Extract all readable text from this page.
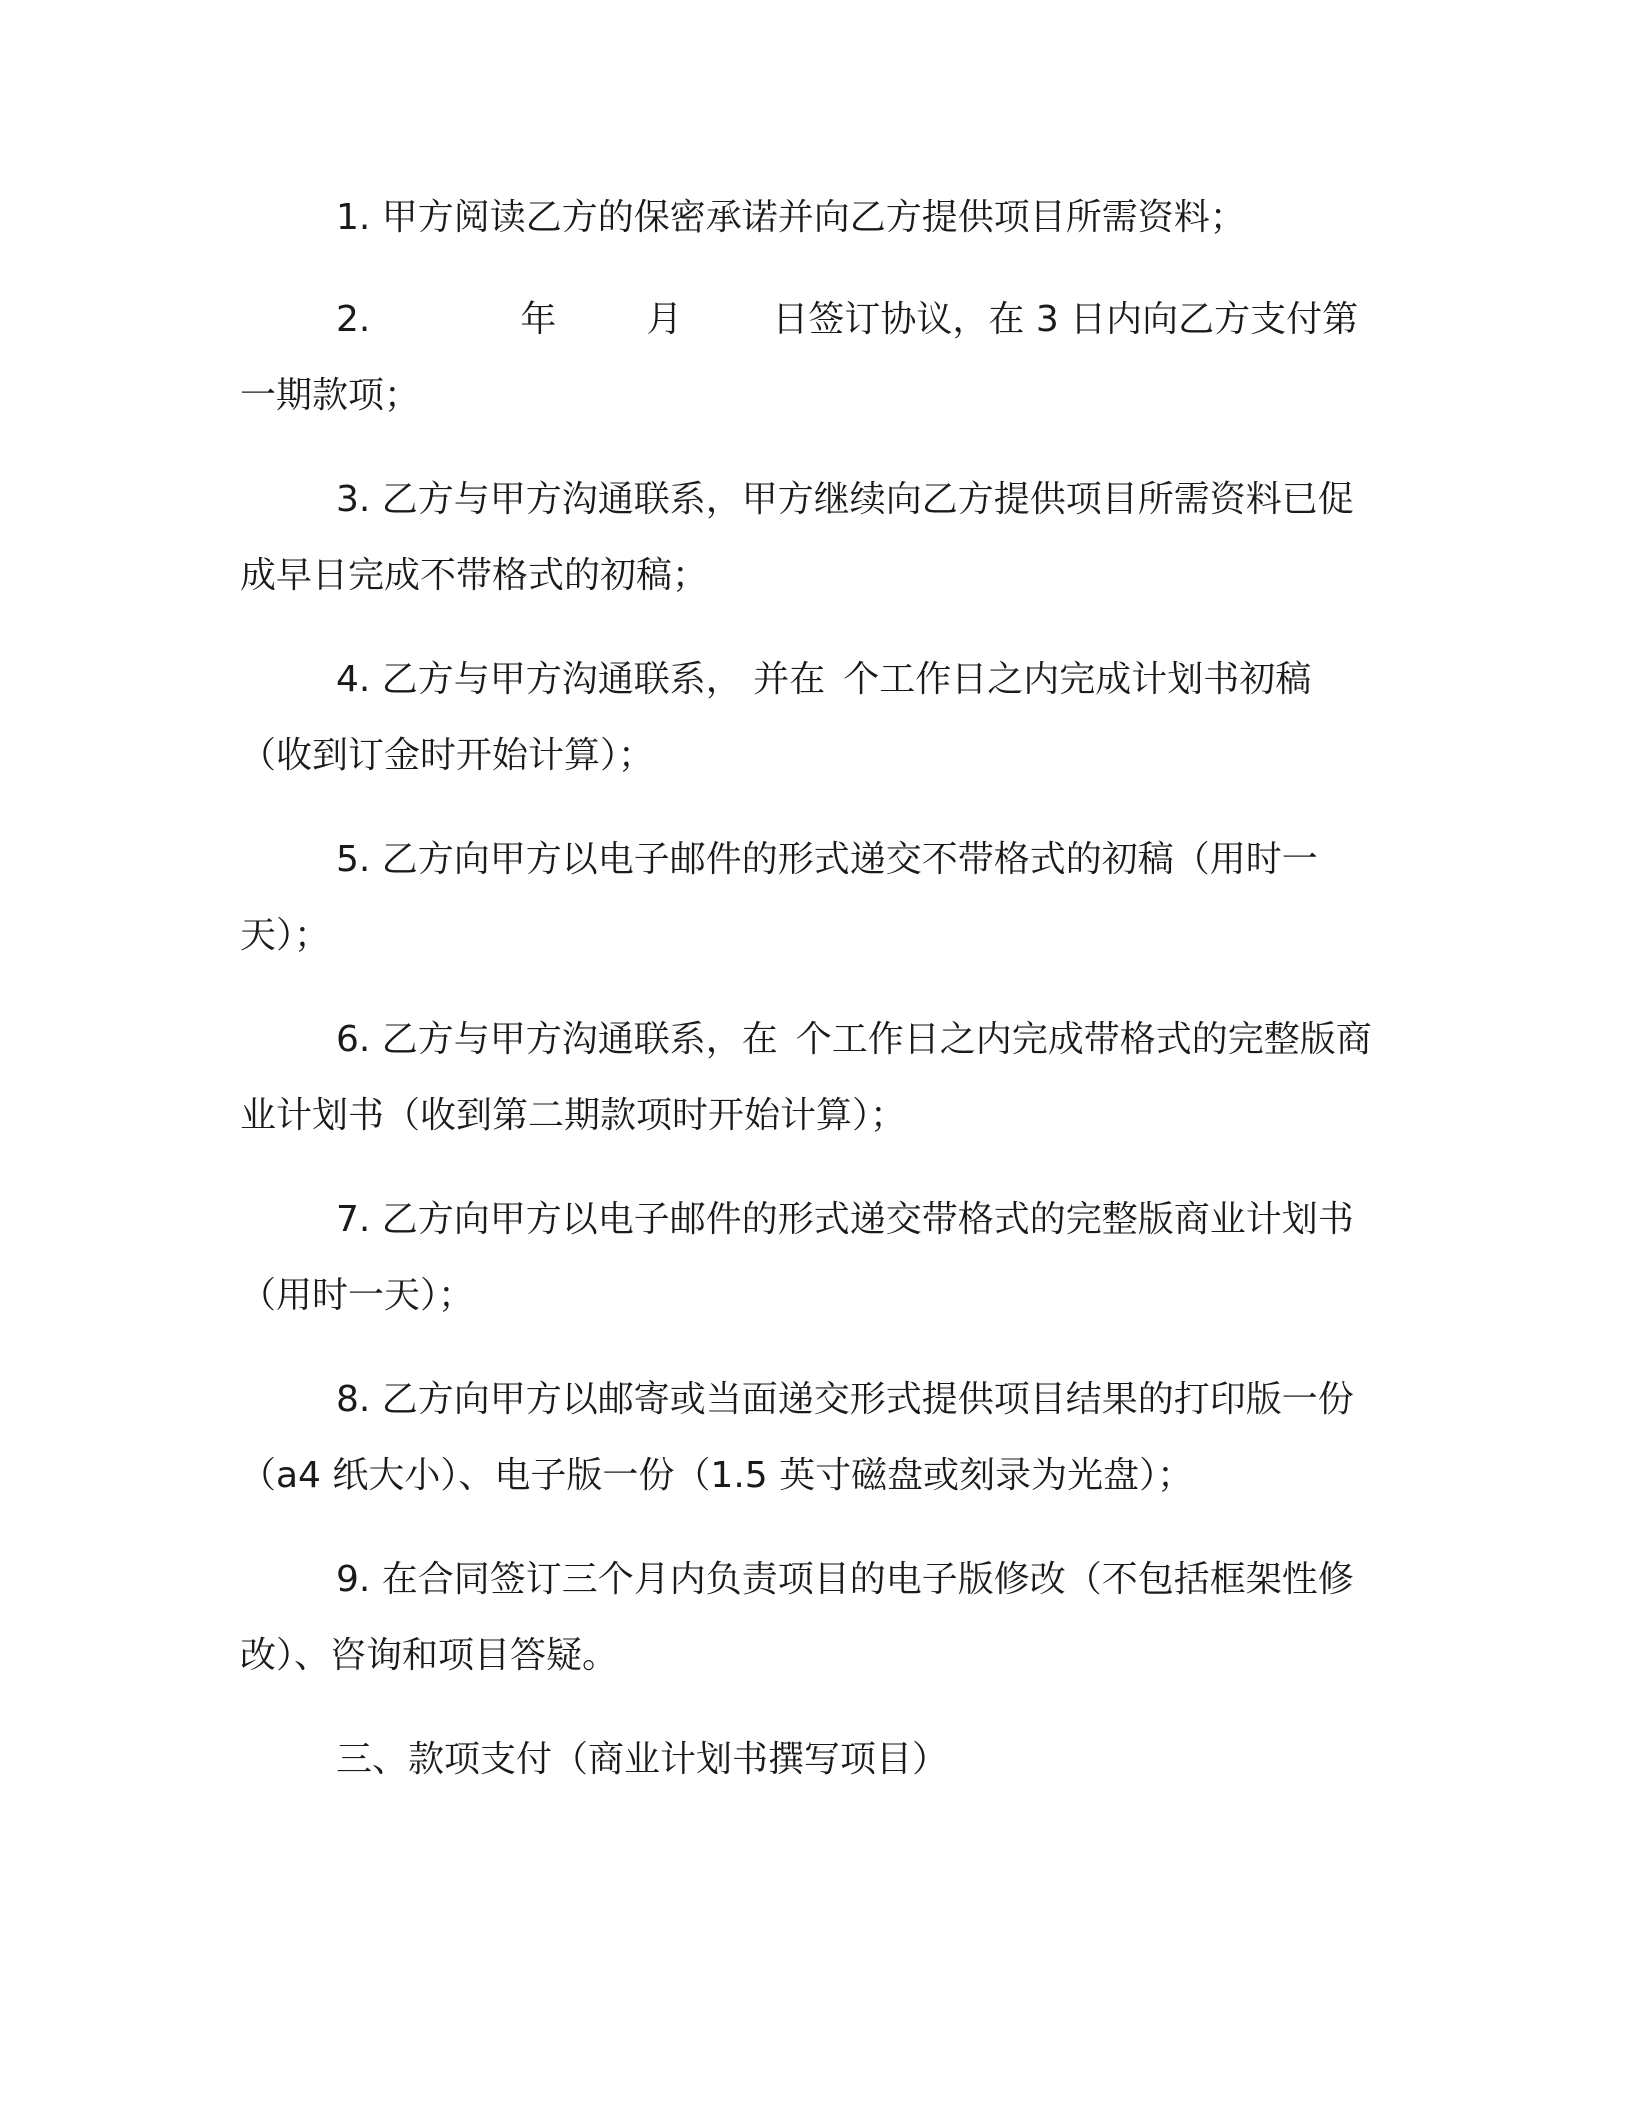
1. 甲方阅读乙方的保密承诺并向乙方提供项目所需资料；

2.	年	月	日签订协议，在 3 日内向乙方支付第一期款项；

3. 乙方与甲方沟通联系，甲方继续向乙方提供项目所需资料已促成早日完成不带格式的初稿；

4. 乙方与甲方沟通联系， 并在 个工作日之内完成计划书初稿（收到订金时开始计算）；

5. 乙方向甲方以电子邮件的形式递交不带格式的初稿（用时一天）；

6. 乙方与甲方沟通联系，在 个工作日之内完成带格式的完整版商业计划书（收到第二期款项时开始计算）；

7. 乙方向甲方以电子邮件的形式递交带格式的完整版商业计划书（用时一天）；

8. 乙方向甲方以邮寄或当面递交形式提供项目结果的打印版一份（a4 纸大小）、电子版一份（1.5 英寸磁盘或刻录为光盘）；

9. 在合同签订三个月内负责项目的电子版修改（不包括框架性修改）、咨询和项目答疑。

三、款项支付（商业计划书撰写项目）
